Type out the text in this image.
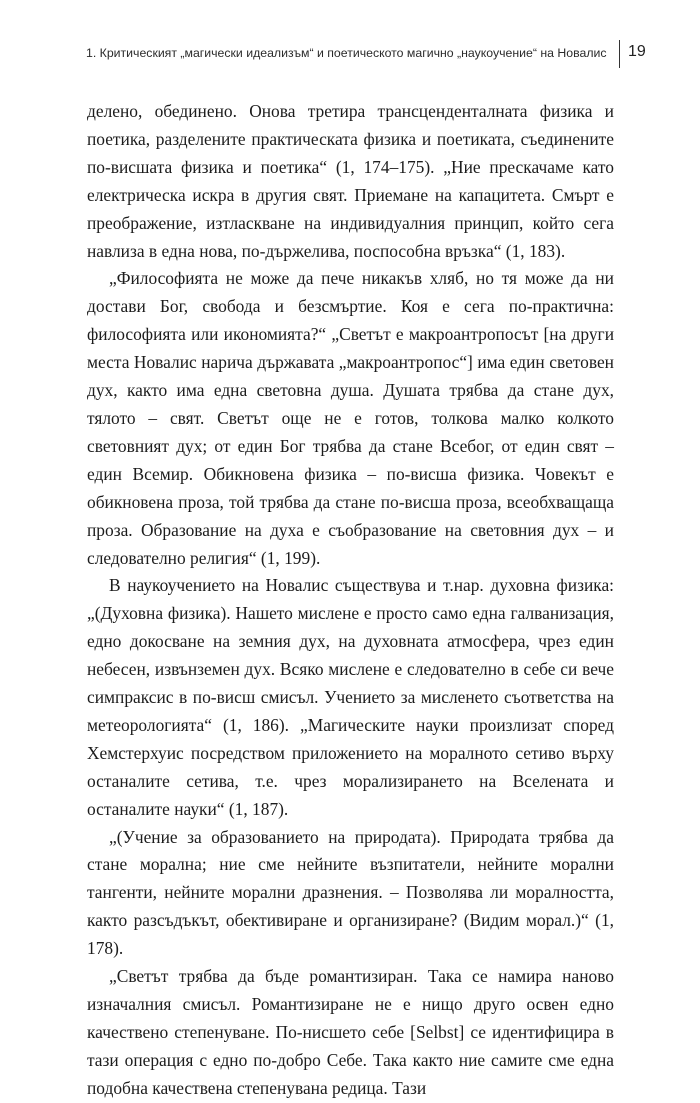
1. Критическият „магически идеализъм“ и поетическото магично „наукоучение“ на Новалис 19

делено, обединено. Онова третира трансценденталната физика и поетика, разделените практическата физика и поетиката, съединените по-висшата физика и поетика“ (1, 174–175). „Ние прескачаме като електрическа искра в другия свят. Приемане на капацитета. Смърт е преображение, изтласкване на индивидуалния принцип, който сега навлиза в една нова, по-държелива, поспособна връзка“ (1, 183).

„Философията не може да пече никакъв хляб, но тя може да ни достави Бог, свобода и безсмъртие. Коя е сега по-практична: философията или икономията?“ „Светът е макроантропосът [на други места Новалис нарича държавата „макроантропос“] има един световен дух, както има една световна душа. Душата трябва да стане дух, тялото – свят. Светът още не е готов, толкова малко колкото световният дух; от един Бог трябва да стане Всебог, от един свят – един Всемир. Обикновена физика – по-висша физика. Човекът е обикновена проза, той трябва да стане по-висша проза, всеобхващаща проза. Образование на духа е съобразование на световния дух – и следователно религия“ (1, 199).

В наукоучението на Новалис съществува и т.нар. духовна физика: „(Духовна физика). Нашето мислене е просто само една галванизация, едно докосване на земния дух, на духовната атмосфера, чрез един небесен, извънземен дух. Всяко мислене е следователно в себе си вече симпраксис в по-висш смисъл. Учението за мисленето съответства на метеорологията“ (1, 186). „Магическите науки произлизат според Хемстерхуис посредством приложението на моралното сетиво върху останалите сетива, т.е. чрез морализирането на Вселената и останалите науки“ (1, 187).

„(Учение за образованието на природата). Природата трябва да стане морална; ние сме нейните възпитатели, нейните морални тангенти, нейните морални дразнения. – Позволява ли моралността, както разсъдъкът, обективиране и организиране? (Видим морал.)“ (1, 178).

„Светът трябва да бъде романтизиран. Така се намира наново изначалния смисъл. Романтизиране не е нищо друго освен едно качествено степенуване. По-нисшето себе [Selbst] се идентифицира в тази операция с едно по-добро Себе. Така както ние самите сме една подобна качествена степенувана редица. Тази
